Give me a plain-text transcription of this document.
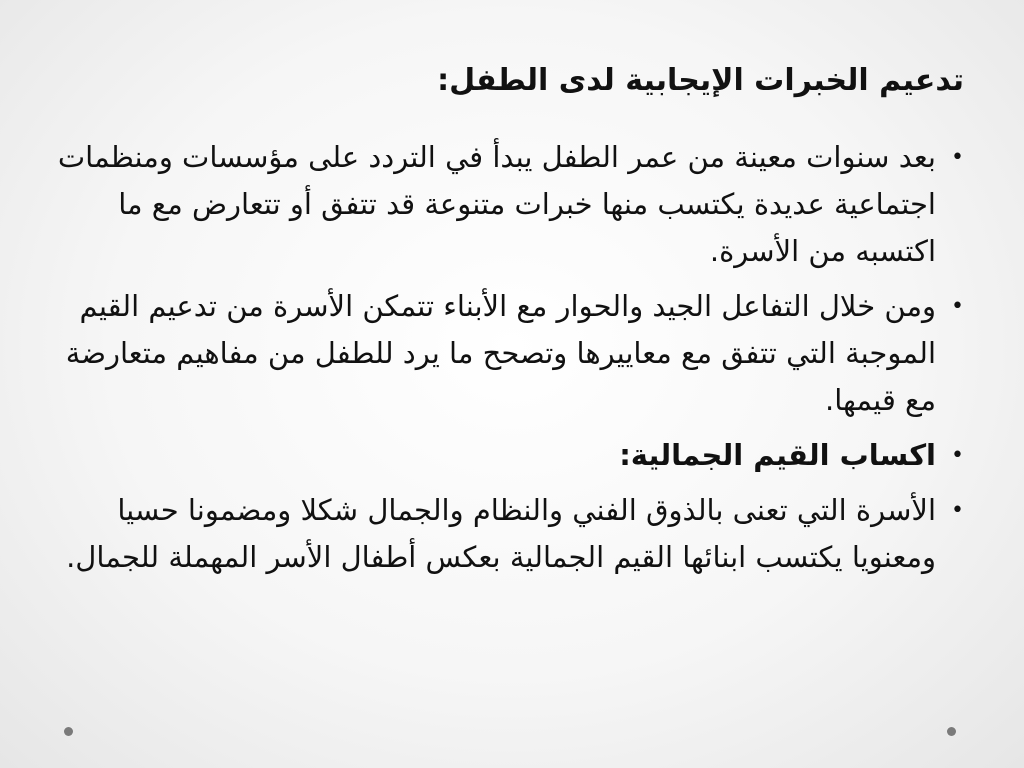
تدعيم الخبرات الإيجابية لدى الطفل:
•
بعد سنوات معينة من عمر الطفل يبدأ في التردد على مؤسسات ومنظمات اجتماعية عديدة يكتسب منها خبرات متنوعة قد تتفق أو تتعارض مع ما اكتسبه من الأسرة.
•
ومن خلال التفاعل الجيد والحوار مع الأبناء تتمكن الأسرة من تدعيم القيم الموجبة التي تتفق مع معاييرها وتصحح ما يرد للطفل من مفاهيم متعارضة مع قيمها.
•
اكساب القيم الجمالية:
•
الأسرة التي تعنى بالذوق الفني والنظام والجمال شكلا ومضمونا حسيا ومعنويا يكتسب ابنائها القيم الجمالية بعكس أطفال الأسر المهملة للجمال.
